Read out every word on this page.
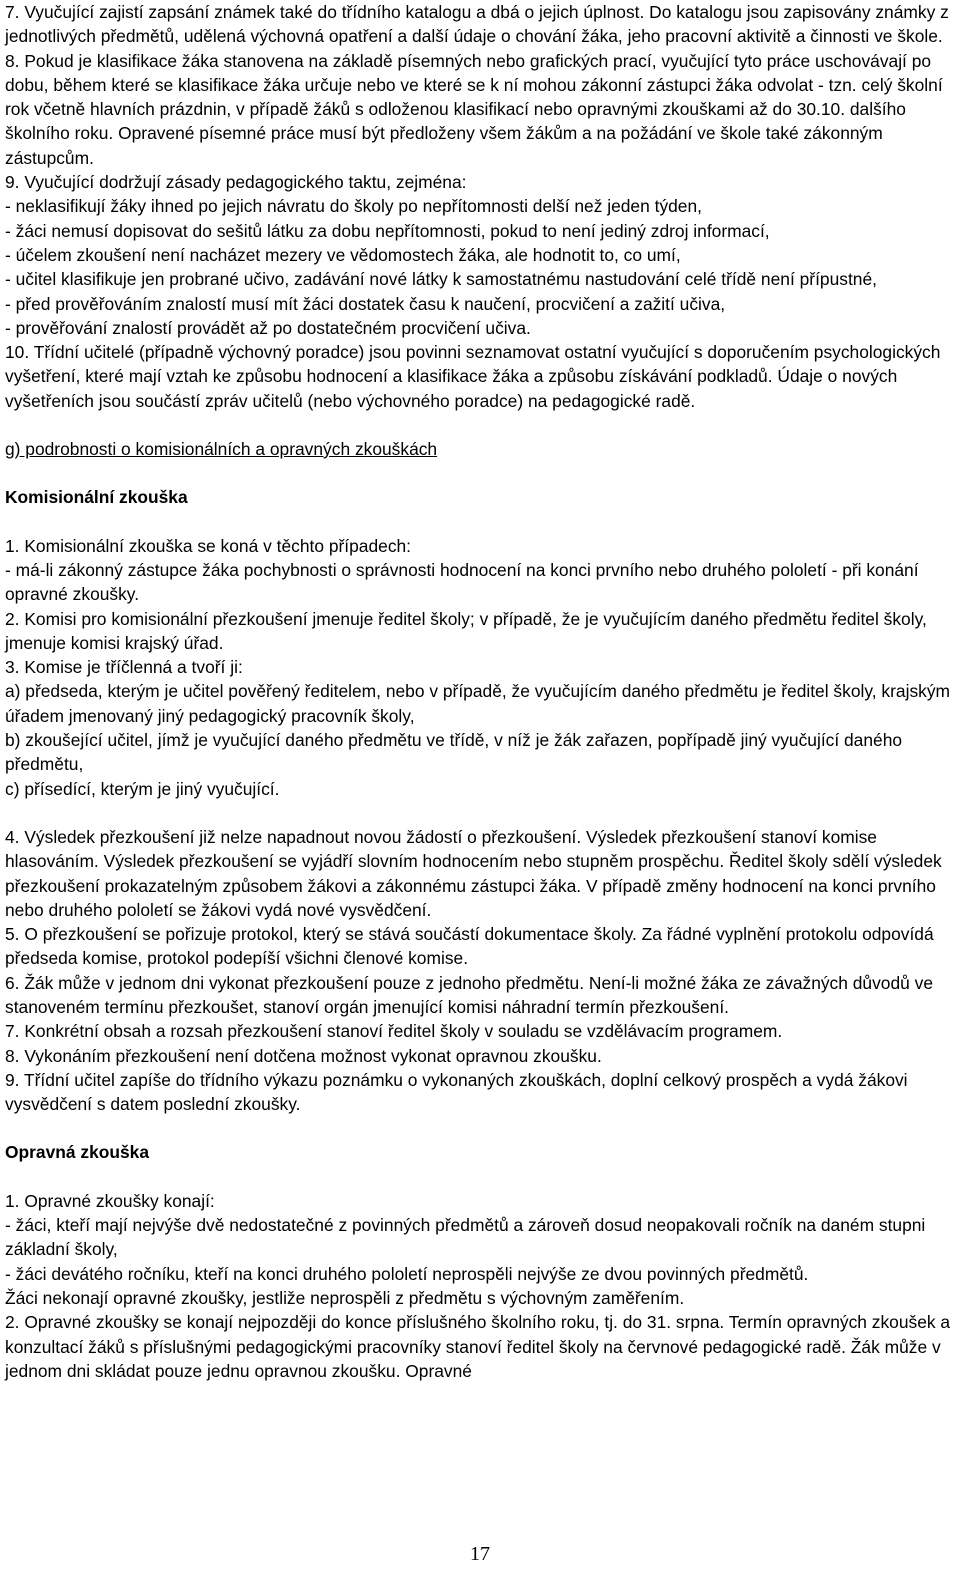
7. Vyučující zajistí zapsání známek také do třídního katalogu a dbá o jejich úplnost. Do katalogu jsou zapisovány známky z jednotlivých předmětů, udělená výchovná opatření a další údaje o chování žáka, jeho pracovní aktivitě a činnosti ve škole.

8. Pokud je klasifikace žáka stanovena na základě písemných nebo grafických prací, vyučující tyto práce uschovávají po dobu, během které se klasifikace žáka určuje nebo ve které se k ní mohou zákonní zástupci žáka odvolat - tzn. celý školní rok včetně hlavních prázdnin, v případě žáků s odloženou klasifikací nebo opravnými zkouškami až do 30.10. dalšího školního roku. Opravené písemné práce musí být předloženy všem žákům a na požádání ve škole také zákonným zástupcům.

9. Vyučující dodržují zásady pedagogického taktu, zejména:

- neklasifikují žáky ihned po jejich návratu do školy po nepřítomnosti delší než jeden týden,

- žáci nemusí dopisovat do sešitů látku za dobu nepřítomnosti, pokud to není jediný zdroj informací,

- účelem zkoušení není nacházet mezery ve vědomostech žáka, ale hodnotit to, co umí,

- učitel klasifikuje jen probrané učivo, zadávání nové látky k samostatnému nastudování celé třídě není přípustné,

- před prověřováním znalostí musí mít žáci dostatek času k naučení, procvičení a zažití učiva,

- prověřování znalostí provádět až po dostatečném procvičení učiva.

10. Třídní učitelé (případně výchovný poradce) jsou povinni seznamovat ostatní vyučující s doporučením psychologických vyšetření, které mají vztah ke způsobu hodnocení a klasifikace žáka a způsobu získávání podkladů. Údaje o nových vyšetřeních jsou součástí zpráv učitelů (nebo výchovného poradce) na pedagogické radě.

g) podrobnosti o komisionálních a opravných zkouškách

Komisionální zkouška

1. Komisionální zkouška se koná v těchto případech:

- má-li zákonný zástupce žáka pochybnosti o správnosti hodnocení na konci prvního nebo druhého pololetí - při konání opravné zkoušky.

2. Komisi pro komisionální přezkoušení jmenuje ředitel školy; v případě, že je vyučujícím daného předmětu ředitel školy, jmenuje komisi krajský úřad.

3. Komise je tříčlenná a tvoří ji:

a) předseda, kterým je učitel pověřený ředitelem, nebo v případě, že vyučujícím daného předmětu je ředitel školy, krajským úřadem jmenovaný jiný pedagogický pracovník školy,

b) zkoušející učitel, jímž je vyučující daného předmětu ve třídě, v níž je žák zařazen, popřípadě jiný vyučující daného předmětu,

c) přísedící, kterým je jiný vyučující.

4. Výsledek přezkoušení již nelze napadnout novou žádostí o přezkoušení. Výsledek přezkoušení stanoví komise hlasováním. Výsledek přezkoušení se vyjádří slovním hodnocením nebo stupněm prospěchu. Ředitel školy sdělí výsledek přezkoušení prokazatelným způsobem žákovi a zákonnému zástupci žáka. V případě změny hodnocení na konci prvního nebo druhého pololetí se žákovi vydá nové vysvědčení.

5. O přezkoušení se pořizuje protokol, který se stává součástí dokumentace školy. Za řádné vyplnění protokolu odpovídá předseda komise, protokol podepíší všichni členové komise.

6. Žák může v jednom dni vykonat přezkoušení pouze z jednoho předmětu. Není-li možné žáka ze závažných důvodů ve stanoveném termínu přezkoušet, stanoví orgán jmenující komisi náhradní termín přezkoušení.

7. Konkrétní obsah a rozsah přezkoušení stanoví ředitel školy v souladu se vzdělávacím programem.

8. Vykonáním přezkoušení není dotčena možnost vykonat opravnou zkoušku.

9. Třídní učitel zapíše do třídního výkazu poznámku o vykonaných zkouškách, doplní celkový prospěch a vydá žákovi vysvědčení s datem poslední zkoušky.

Opravná zkouška

1. Opravné zkoušky konají:

- žáci, kteří mají nejvýše dvě nedostatečné z povinných předmětů a zároveň dosud neopakovali ročník na daném stupni základní školy,

- žáci devátého ročníku, kteří na konci druhého pololetí neprospěli nejvýše ze dvou povinných předmětů.

Žáci nekonají opravné zkoušky, jestliže neprospěli z předmětu s výchovným zaměřením.

2. Opravné zkoušky se konají nejpozději do konce příslušného školního roku, tj. do 31. srpna. Termín opravných zkoušek a konzultací žáků s příslušnými pedagogickými pracovníky stanoví ředitel školy na červnové pedagogické radě. Žák může v jednom dni skládat pouze jednu opravnou zkoušku. Opravné

17
